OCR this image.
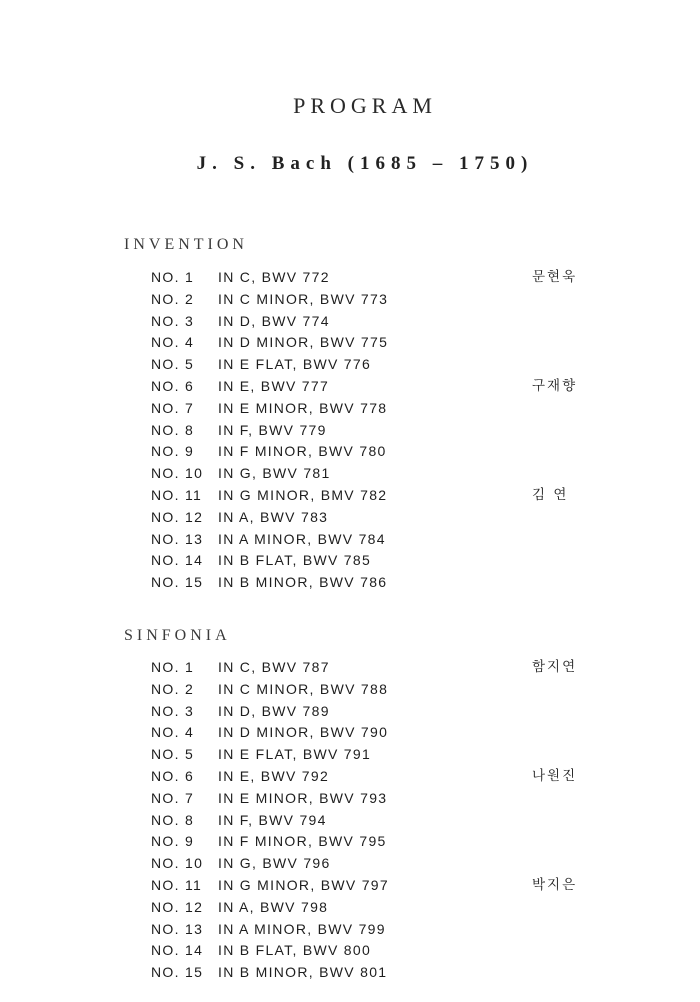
PROGRAM
J. S. Bach (1685 – 1750)
INVENTION
NO. 1 IN C, BWV 772	문현욱
NO. 2 IN C MINOR, BWV 773
NO. 3 IN D, BWV 774
NO. 4 IN D MINOR, BWV 775
NO. 5 IN E FLAT, BWV 776
NO. 6 IN E, BWV 777	구재향
NO. 7 IN E MINOR, BWV 778
NO. 8 IN F, BWV 779
NO. 9 IN F MINOR, BWV 780
NO. 10 IN G, BWV 781
NO. 11 IN G MINOR, BMV 782	김 연
NO. 12 IN A, BWV 783
NO. 13 IN A MINOR, BWV 784
NO. 14 IN B FLAT, BWV 785
NO. 15 IN B MINOR, BWV 786
SINFONIA
NO. 1 IN C, BWV 787	함지연
NO. 2 IN C MINOR, BWV 788
NO. 3 IN D, BWV 789
NO. 4 IN D MINOR, BWV 790
NO. 5 IN E FLAT, BWV 791
NO. 6 IN E, BWV 792	나원진
NO. 7 IN E MINOR, BWV 793
NO. 8 IN F, BWV 794
NO. 9 IN F MINOR, BWV 795
NO. 10 IN G, BWV 796
NO. 11 IN G MINOR, BWV 797	박지은
NO. 12 IN A, BWV 798
NO. 13 IN A MINOR, BWV 799
NO. 14 IN B FLAT, BWV 800
NO. 15 IN B MINOR, BWV 801
